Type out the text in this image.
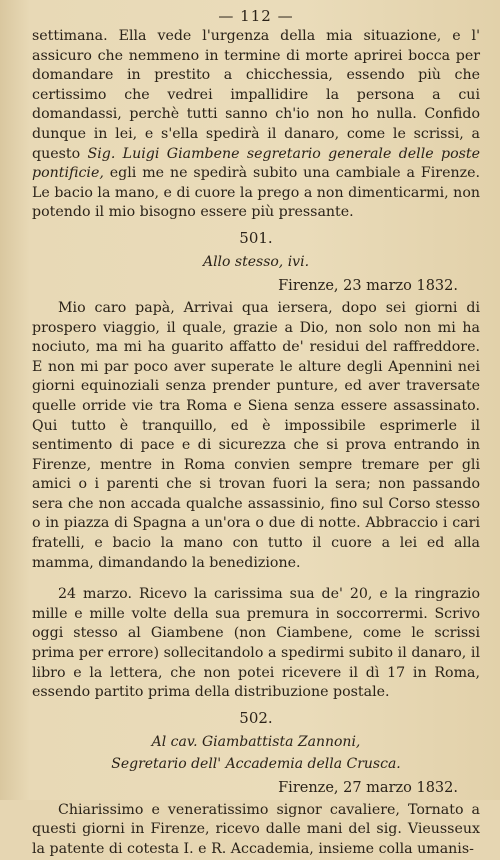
— 112 —

settimana. Ella vede l'urgenza della mia situazione, e l' assicuro che nemmeno in termine di morte aprirei bocca per domandare in prestito a chicchessia, essendo più che certissimo che vedrei impallidire la persona a cui domandassi, perchè tutti sanno ch'io non ho nulla. Confido dunque in lei, e s'ella spedirà il danaro, come le scrissi, a questo Sig. Luigi Giambene segretario generale delle poste pontificie, egli me ne spedirà subito una cambiale a Firenze. Le bacio la mano, e di cuore la prego a non dimenticarmi, non potendo il mio bisogno essere più pressante.

501.

Allo stesso, ivi.

Firenze, 23 marzo 1832.

Mio caro papà, Arrivai qua iersera, dopo sei giorni di prospero viaggio, il quale, grazie a Dio, non solo non mi ha nociuto, ma mi ha guarito affatto de' residui del raffreddore. E non mi par poco aver superate le alture degli Apennini nei giorni equinoziali senza prender punture, ed aver traversate quelle orride vie tra Roma e Siena senza essere assassinato. Qui tutto è tranquillo, ed è impossibile esprimerle il sentimento di pace e di sicurezza che si prova entrando in Firenze, mentre in Roma convien sempre tremare per gli amici o i parenti che si trovan fuori la sera; non passando sera che non accada qualche assassinio, fino sul Corso stesso o in piazza di Spagna a un'ora o due di notte. Abbraccio i cari fratelli, e bacio la mano con tutto il cuore a lei ed alla mamma, dimandando la benedizione.

24 marzo. Ricevo la carissima sua de' 20, e la ringrazio mille e mille volte della sua premura in soccorrermi. Scrivo oggi stesso al Giambene (non Ciambene, come le scrissi prima per errore) sollecitandolo a spedirmi subito il danaro, il libro e la lettera, che non potei ricevere il dì 17 in Roma, essendo partito prima della distribuzione postale.

502.

Al cav. Giambattista Zannoni,

Segretario dell' Accademia della Crusca.

Firenze, 27 marzo 1832.

Chiarissimo e veneratissimo signor cavaliere, Tornato a questi giorni in Firenze, ricevo dalle mani del sig. Vieusseux la patente di cotesta I. e R. Accademia, insieme colla umanis-
